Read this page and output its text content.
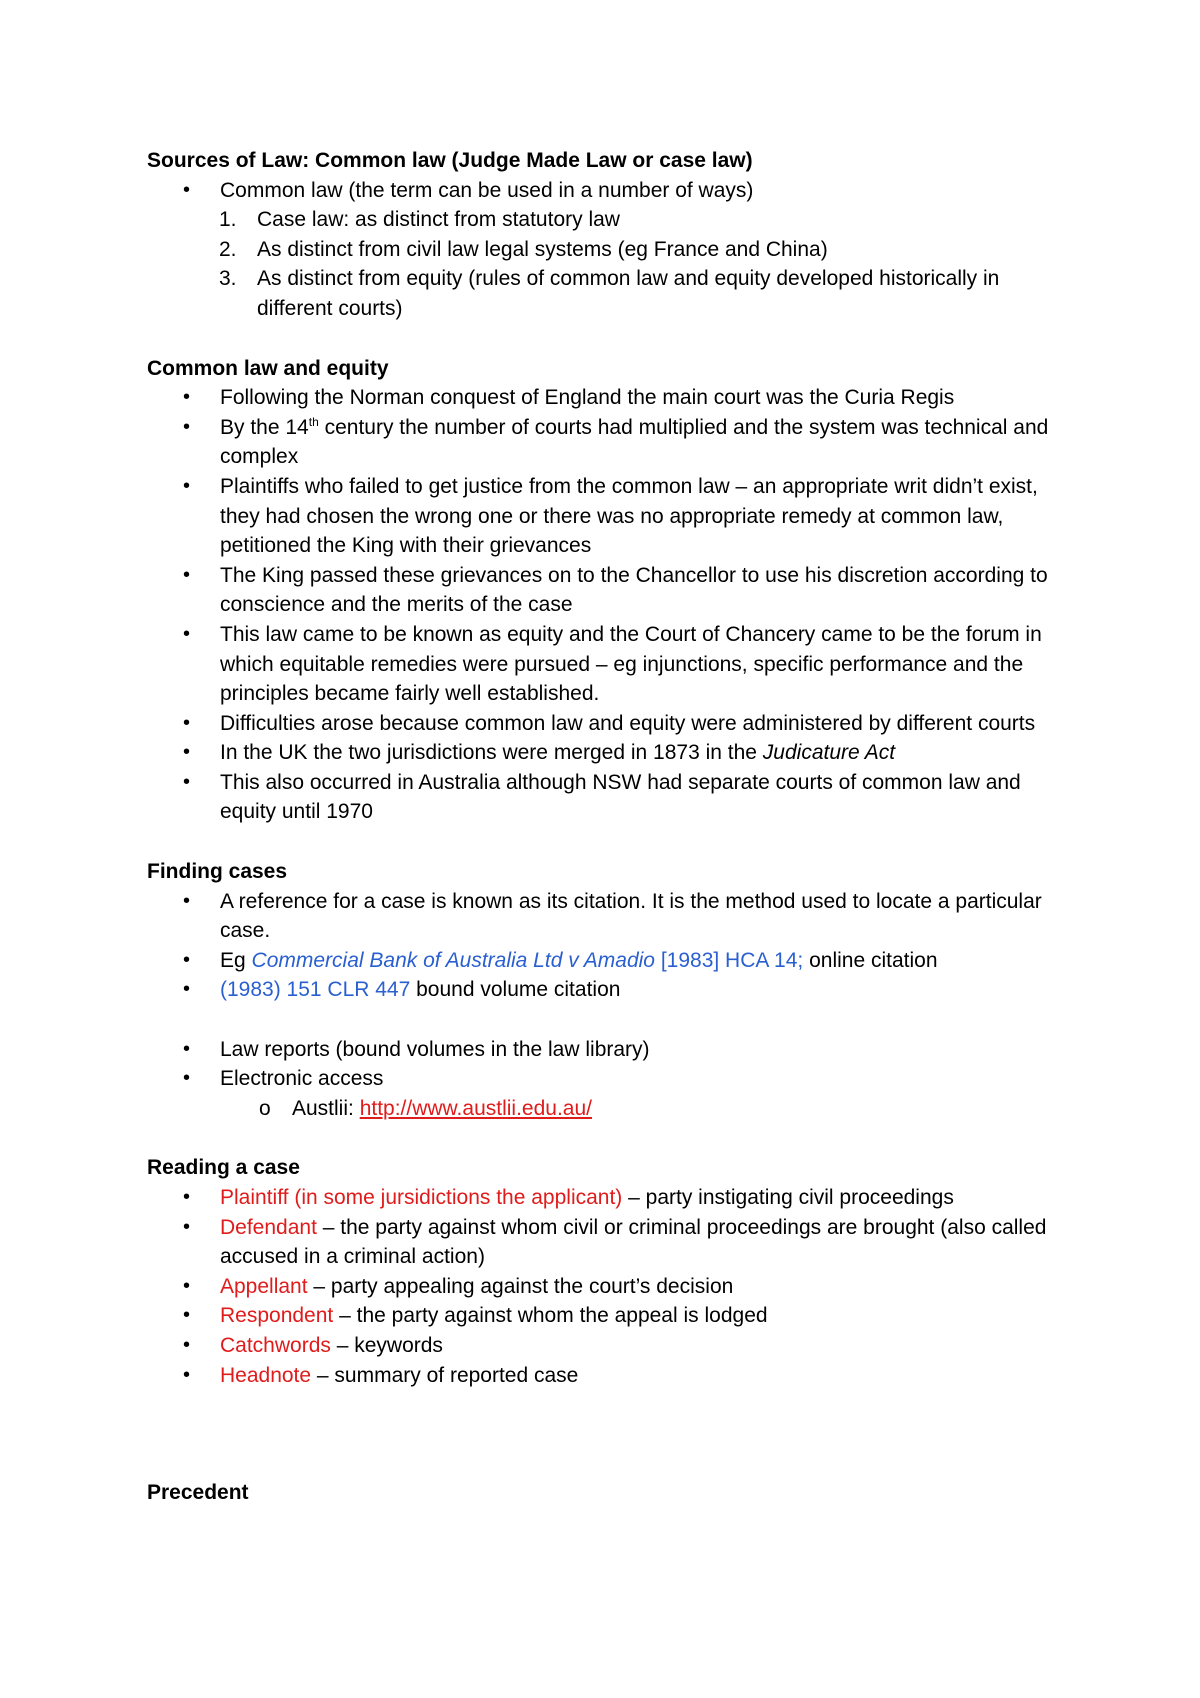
Sources of Law: Common law (Judge Made Law or case law)

• Common law (the term can be used in a number of ways)
1. Case law: as distinct from statutory law
2. As distinct from civil law legal systems (eg France and China)
3. As distinct from equity (rules of common law and equity developed historically in different courts)

Common law and equity

• Following the Norman conquest of England the main court was the Curia Regis
• By the 14th century the number of courts had multiplied and the system was technical and complex
• Plaintiffs who failed to get justice from the common law – an appropriate writ didn’t exist, they had chosen the wrong one or there was no appropriate remedy at common law, petitioned the King with their grievances
• The King passed these grievances on to the Chancellor to use his discretion according to conscience and the merits of the case
• This law came to be known as equity and the Court of Chancery came to be the forum in which equitable remedies were pursued – eg injunctions, specific performance and the principles became fairly well established.
• Difficulties arose because common law and equity were administered by different courts
• In the UK the two jurisdictions were merged in 1873 in the Judicature Act
• This also occurred in Australia although NSW had separate courts of common law and equity until 1970

Finding cases

• A reference for a case is known as its citation. It is the method used to locate a particular case.
• Eg Commercial Bank of Australia Ltd v Amadio [1983] HCA 14; online citation
• (1983) 151 CLR 447 bound volume citation
• Law reports (bound volumes in the law library)
• Electronic access
o Austlii: http://www.austlii.edu.au/

Reading a case

• Plaintiff (in some jursidictions the applicant) – party instigating civil proceedings
• Defendant – the party against whom civil or criminal proceedings are brought (also called accused in a criminal action)
• Appellant – party appealing against the court’s decision
• Respondent – the party against whom the appeal is lodged
• Catchwords – keywords
• Headnote – summary of reported case

Precedent
